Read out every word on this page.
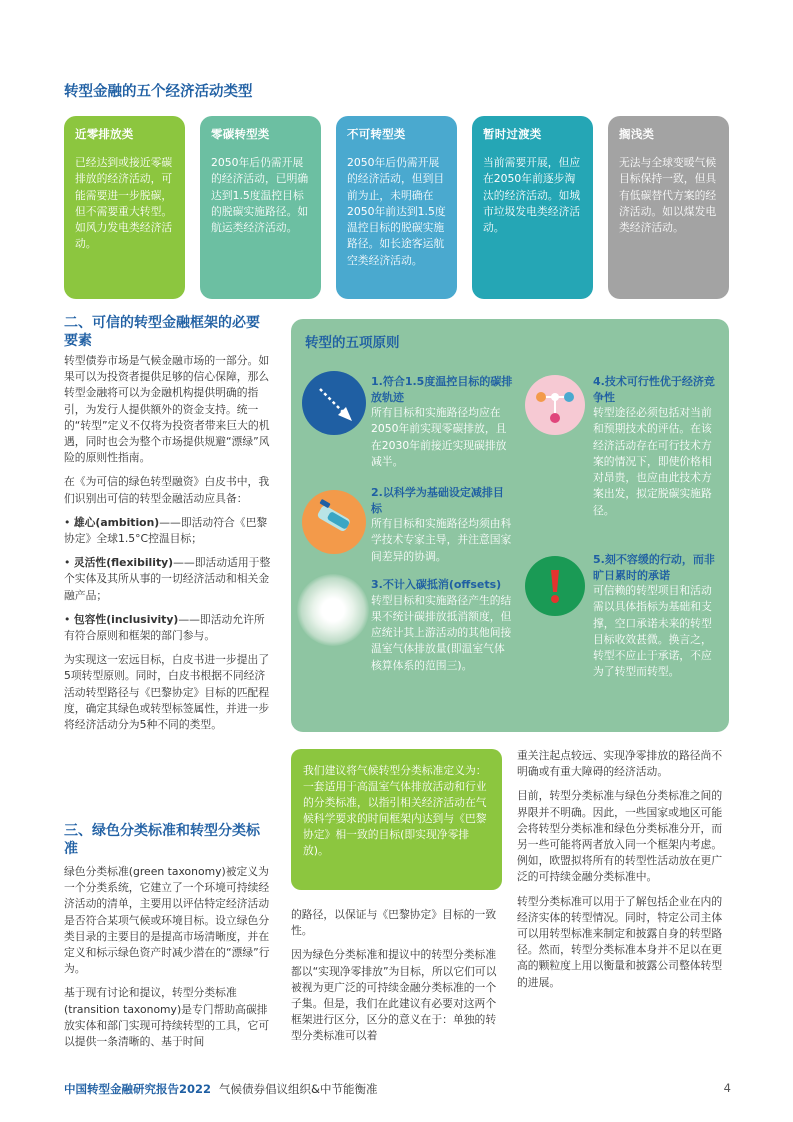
转型金融的五个经济活动类型
近零排放类
已经达到或接近零碳排放的经济活动，可能需要进一步脱碳，但不需要重大转型。如风力发电类经济活动。
零碳转型类
2050年后仍需开展的经济活动，已明确达到1.5度温控目标的脱碳实施路径。如航运类经济活动。
不可转型类
2050年后仍需开展的经济活动，但到目前为止，未明确在2050年前达到1.5度温控目标的脱碳实施路径。如长途客运航空类经济活动。
暂时过渡类
当前需要开展，但应在2050年前逐步淘汰的经济活动。如城市垃圾发电类经济活动。
搁浅类
无法与全球变暖气候目标保持一致，但具有低碳替代方案的经济活动。如以煤发电类经济活动。
二、可信的转型金融框架的必要要素

转型债券市场是气候金融市场的一部分。如果可以为投资者提供足够的信心保障，那么转型金融将可以为金融机构提供明确的指引，为发行人提供额外的资金支持。统一的“转型”定义不仅将为投资者带来巨大的机遇，同时也会为整个市场提供规避“漂绿”风险的原则性指南。

在《为可信的绿色转型融资》白皮书中，我们识别出可信的转型金融活动应具备：

• 雄心(ambition)——即活动符合《巴黎协定》全球1.5°C控温目标；

• 灵活性(flexibility)——即活动适用于整个实体及其所从事的一切经济活动和相关金融产品；

• 包容性(inclusivity)——即活动允许所有符合原则和框架的部门参与。

为实现这一宏远目标，白皮书进一步提出了5项转型原则。同时，白皮书根据不同经济活动转型路径与《巴黎协定》目标的匹配程度，确定其绿色或转型标签属性，并进一步将经济活动分为5种不同的类型。

三、绿色分类标准和转型分类标准

绿色分类标准(green taxonomy)被定义为一个分类系统，它建立了一个环境可持续经济活动的清单，主要用以评估特定经济活动是否符合某项气候或环境目标。设立绿色分类目录的主要目的是提高市场清晰度，并在定义和标示绿色资产时减少潜在的“漂绿”行为。

基于现有讨论和提议，转型分类标准(transition taxonomy)是专门帮助高碳排放实体和部门实现可持续转型的工具，它可以提供一条清晰的、基于时间

转型的五项原则
1.符合1.5度温控目标的碳排放轨迹
所有目标和实施路径均应在2050年前实现零碳排放，且在2030年前接近实现碳排放减半。
2.以科学为基础设定减排目标
所有目标和实施路径均须由科学技术专家主导，并注意国家间差异的协调。
3.不计入碳抵消(offsets)
转型目标和实施路径产生的结果不统计碳排放抵消额度，但应统计其上游活动的其他间接温室气体排放量(即温室气体核算体系的范围三)。
4.技术可行性优于经济竞争性
转型途径必须包括对当前和预期技术的评估。在该经济活动存在可行技术方案的情况下，即使价格相对昂贵，也应由此技术方案出发，拟定脱碳实施路径。
5.刻不容缓的行动，而非旷日累时的承诺
可信赖的转型项目和活动需以具体指标为基础和支撑，空口承诺未来的转型目标收效甚微。换言之，转型不应止于承诺，不应为了转型而转型。
我们建议将气候转型分类标准定义为：一套适用于高温室气体排放活动和行业的分类标准，以指引相关经济活动在气候科学要求的时间框架内达到与《巴黎协定》相一致的目标(即实现净零排放)。

的路径，以保证与《巴黎协定》目标的一致性。

因为绿色分类标准和提议中的转型分类标准都以“实现净零排放”为目标，所以它们可以被视为更广泛的可持续金融分类标准的一个子集。但是，我们在此建议有必要对这两个框架进行区分，区分的意义在于：单独的转型分类标准可以着

重关注起点较远、实现净零排放的路径尚不明确或有重大障碍的经济活动。

目前，转型分类标准与绿色分类标准之间的界限并不明确。因此，一些国家或地区可能会将转型分类标准和绿色分类标准分开，而另一些可能将两者放入同一个框架内考虑。例如，欧盟拟将所有的转型性活动放在更广泛的可持续金融分类标准中。

转型分类标准可以用于了解包括企业在内的经济实体的转型情况。同时，特定公司主体可以用转型标准来制定和披露自身的转型路径。然而，转型分类标准本身并不足以在更高的颗粒度上用以衡量和披露公司整体转型的进展。

中国转型金融研究报告2022 气候债券倡议组织&中节能衡准	4
